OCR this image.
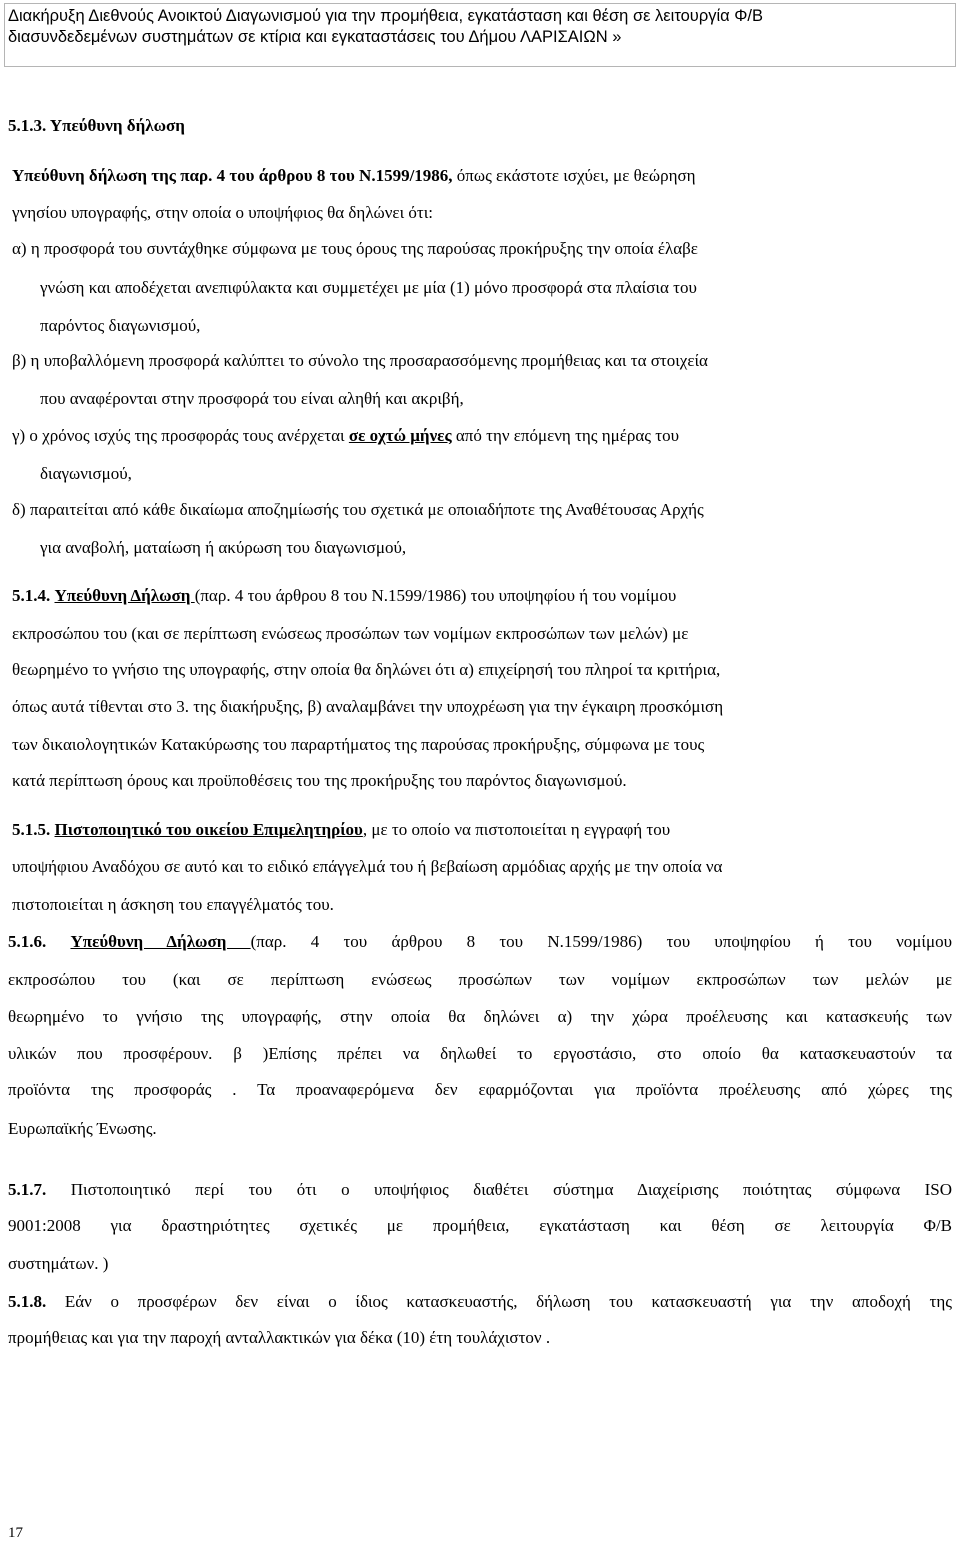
Διακήρυξη Διεθνούς Ανοικτού Διαγωνισμού για την προμήθεια, εγκατάσταση και θέση σε λειτουργία Φ/Β
διασυνδεδεμένων συστημάτων σε κτίρια και εγκαταστάσεις του Δήμου ΛΑΡΙΣΑΙΩΝ »
5.1.3. Υπεύθυνη δήλωση
Υπεύθυνη δήλωση της παρ. 4 του άρθρου 8 του Ν.1599/1986, όπως εκάστοτε ισχύει, με θεώρηση
γνησίου υπογραφής, στην οποία ο υποψήφιος θα δηλώνει ότι:
α) η προσφορά του συντάχθηκε σύμφωνα με τους όρους της παρούσας προκήρυξης την οποία έλαβε
γνώση και αποδέχεται ανεπιφύλακτα και συμμετέχει με μία (1) μόνο προσφορά στα πλαίσια του
παρόντος διαγωνισμού,
β) η υποβαλλόμενη προσφορά καλύπτει το σύνολο της προσαρασσόμενης προμήθειας και τα στοιχεία
που αναφέρονται στην προσφορά του είναι αληθή και ακριβή,
γ) ο χρόνος ισχύς της προσφοράς τους ανέρχεται σε οχτώ μήνες από την επόμενη της ημέρας του
διαγωνισμού,
δ) παραιτείται από κάθε δικαίωμα αποζημίωσής του σχετικά με οποιαδήποτε της Αναθέτουσας Αρχής
για αναβολή, ματαίωση ή ακύρωση του διαγωνισμού,
5.1.4. Υπεύθυνη Δήλωση (παρ. 4 του άρθρου 8 του Ν.1599/1986) του υποψηφίου ή του νομίμου
εκπροσώπου του (και σε περίπτωση ενώσεως προσώπων των νομίμων εκπροσώπων των μελών) με
θεωρημένο το γνήσιο της υπογραφής, στην οποία θα δηλώνει ότι α) επιχείρησή του πληροί τα κριτήρια,
όπως αυτά τίθενται στο 3. της διακήρυξης, β) αναλαμβάνει την υποχρέωση για την έγκαιρη προσκόμιση
των δικαιολογητικών Κατακύρωσης του παραρτήματος της παρούσας προκήρυξης, σύμφωνα με τους
κατά περίπτωση όρους και προϋποθέσεις του της προκήρυξης του παρόντος διαγωνισμού.
5.1.5. Πιστοποιητικό του οικείου Επιμελητηρίου, με το οποίο να πιστοποιείται η εγγραφή του
υποψήφιου Αναδόχου σε αυτό και το ειδικό επάγγελμά του ή βεβαίωση αρμόδιας αρχής με την οποία να
πιστοποιείται η άσκηση του επαγγέλματός του.
5.1.6. Υπεύθυνη Δήλωση (παρ. 4 του άρθρου 8 του Ν.1599/1986) του υποψηφίου ή του νομίμου
εκπροσώπου του (και σε περίπτωση ενώσεως προσώπων των νομίμων εκπροσώπων των μελών με
θεωρημένο το γνήσιο της υπογραφής, στην οποία θα δηλώνει α) την χώρα προέλευσης και κατασκευής των
υλικών που προσφέρουν. β )Επίσης πρέπει να δηλωθεί το εργοστάσιο, στο οποίο θα κατασκευαστούν τα
προϊόντα της προσφοράς . Τα προαναφερόμενα δεν εφαρμόζονται για προϊόντα προέλευσης από χώρες της
Ευρωπαϊκής Ένωσης.
5.1.7. Πιστοποιητικό περί του ότι ο υποψήφιος διαθέτει σύστημα Διαχείρισης ποιότητας σύμφωνα ISO
9001:2008 για δραστηριότητες σχετικές με προμήθεια, εγκατάσταση και θέση σε λειτουργία Φ/Β
συστημάτων. )
5.1.8. Εάν ο προσφέρων δεν είναι ο ίδιος κατασκευαστής, δήλωση του κατασκευαστή για την αποδοχή της
προμήθειας και για την παροχή ανταλλακτικών για δέκα (10) έτη τουλάχιστον .
17
